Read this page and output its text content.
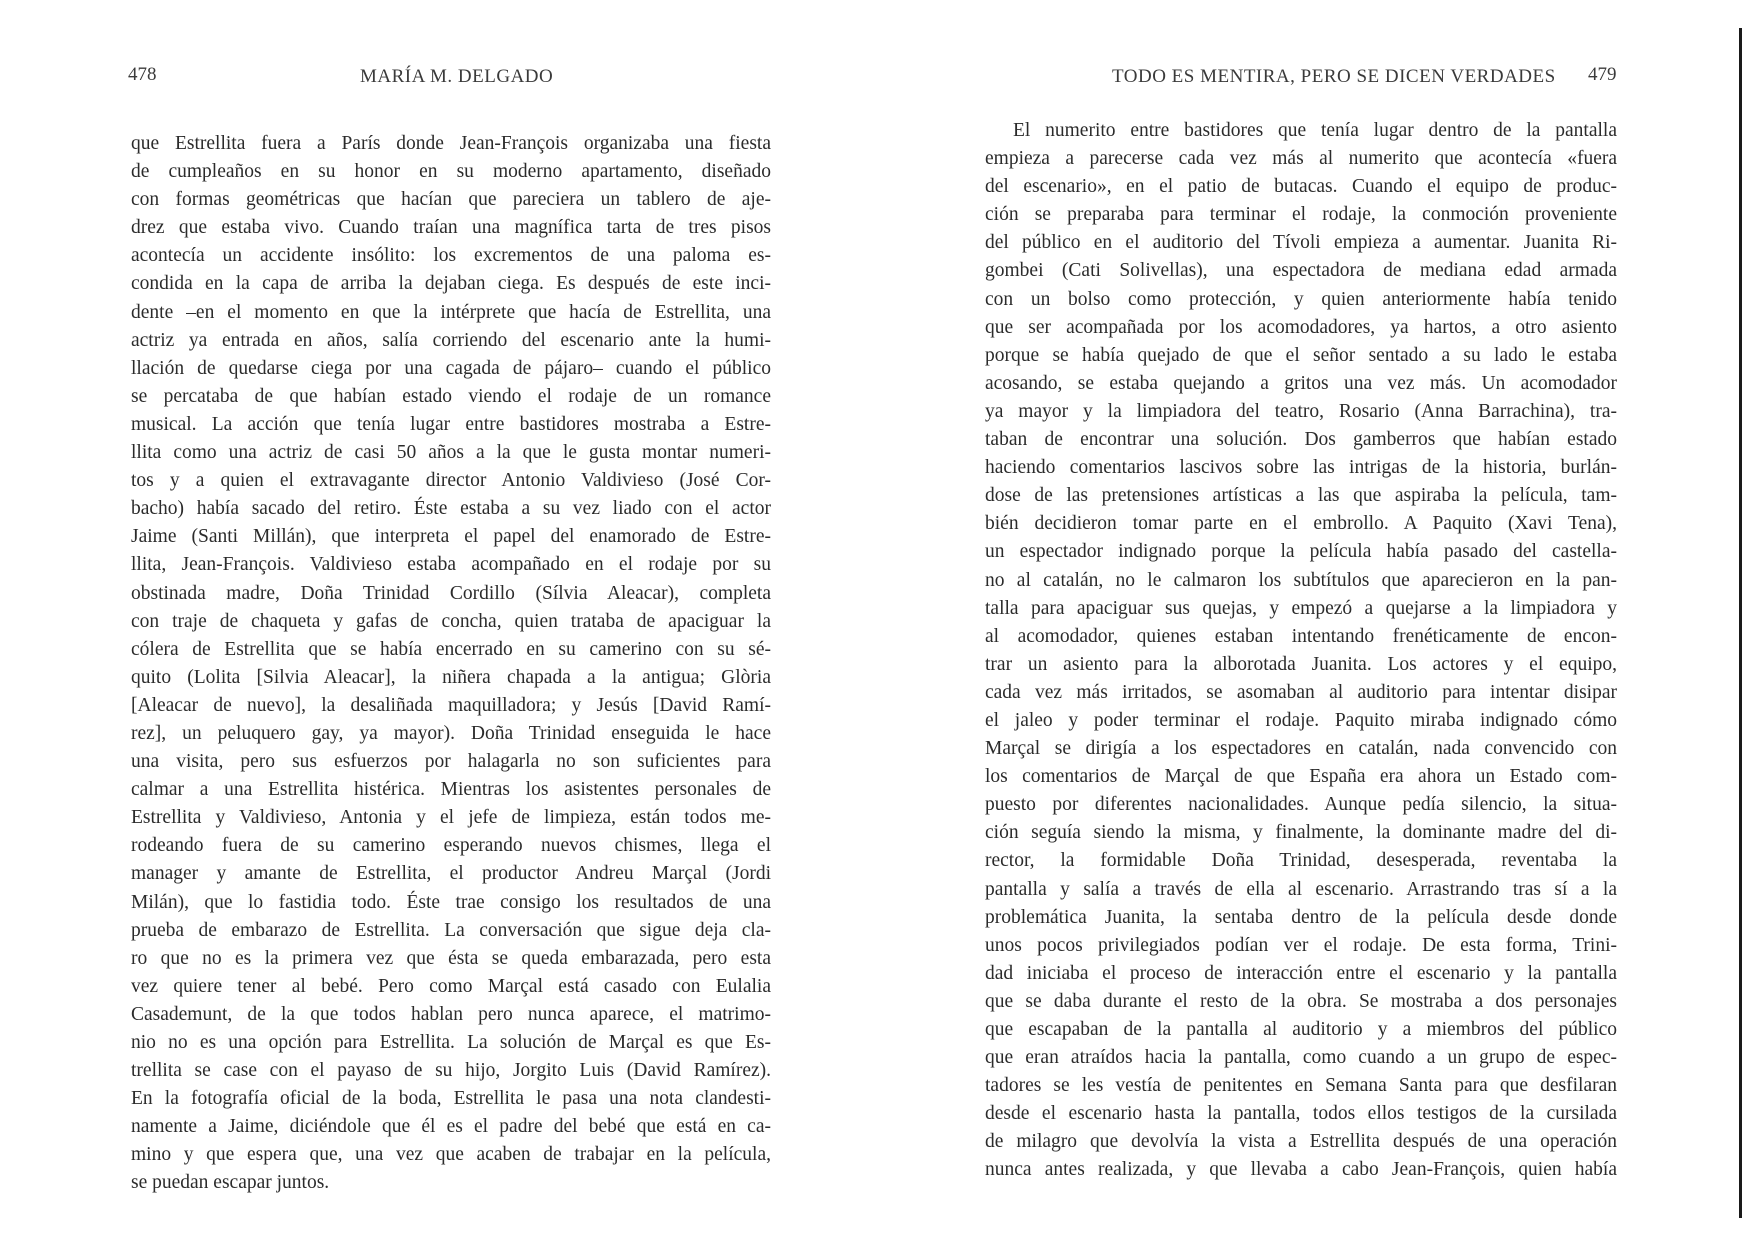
478	MARÍA M. DELGADO
que Estrellita fuera a París donde Jean-François organizaba una fiesta
de cumpleaños en su honor en su moderno apartamento, diseñado
con formas geométricas que hacían que pareciera un tablero de aje-
drez que estaba vivo. Cuando traían una magnífica tarta de tres pisos
acontecía un accidente insólito: los excrementos de una paloma es-
condida en la capa de arriba la dejaban ciega. Es después de este inci-
dente –en el momento en que la intérprete que hacía de Estrellita, una
actriz ya entrada en años, salía corriendo del escenario ante la humi-
llación de quedarse ciega por una cagada de pájaro– cuando el público
se percataba de que habían estado viendo el rodaje de un romance
musical. La acción que tenía lugar entre bastidores mostraba a Estre-
llita como una actriz de casi 50 años a la que le gusta montar numeri-
tos y a quien el extravagante director Antonio Valdivieso (José Cor-
bacho) había sacado del retiro. Éste estaba a su vez liado con el actor
Jaime (Santi Millán), que interpreta el papel del enamorado de Estre-
llita, Jean-François. Valdivieso estaba acompañado en el rodaje por su
obstinada madre, Doña Trinidad Cordillo (Sílvia Aleacar), completa
con traje de chaqueta y gafas de concha, quien trataba de apaciguar la
cólera de Estrellita que se había encerrado en su camerino con su sé-
quito (Lolita [Silvia Aleacar], la niñera chapada a la antigua; Glòria
[Aleacar de nuevo], la desaliñada maquilladora; y Jesús [David Ramí-
rez], un peluquero gay, ya mayor). Doña Trinidad enseguida le hace
una visita, pero sus esfuerzos por halagarla no son suficientes para
calmar a una Estrellita histérica. Mientras los asistentes personales de
Estrellita y Valdivieso, Antonia y el jefe de limpieza, están todos me-
rodeando fuera de su camerino esperando nuevos chismes, llega el
manager y amante de Estrellita, el productor Andreu Marçal (Jordi
Milán), que lo fastidia todo. Éste trae consigo los resultados de una
prueba de embarazo de Estrellita. La conversación que sigue deja cla-
ro que no es la primera vez que ésta se queda embarazada, pero esta
vez quiere tener al bebé. Pero como Marçal está casado con Eulalia
Casademunt, de la que todos hablan pero nunca aparece, el matrimo-
nio no es una opción para Estrellita. La solución de Marçal es que Es-
trellita se case con el payaso de su hijo, Jorgito Luis (David Ramírez).
En la fotografía oficial de la boda, Estrellita le pasa una nota clandesti-
namente a Jaime, diciéndole que él es el padre del bebé que está en ca-
mino y que espera que, una vez que acaben de trabajar en la película,
se puedan escapar juntos.
TODO ES MENTIRA, PERO SE DICEN VERDADES 479
El numerito entre bastidores que tenía lugar dentro de la pantalla
empieza a parecerse cada vez más al numerito que acontecía «fuera
del escenario», en el patio de butacas. Cuando el equipo de produc-
ción se preparaba para terminar el rodaje, la conmoción proveniente
del público en el auditorio del Tívoli empieza a aumentar. Juanita Ri-
gombei (Cati Solivellas), una espectadora de mediana edad armada
con un bolso como protección, y quien anteriormente había tenido
que ser acompañada por los acomodadores, ya hartos, a otro asiento
porque se había quejado de que el señor sentado a su lado le estaba
acosando, se estaba quejando a gritos una vez más. Un acomodador
ya mayor y la limpiadora del teatro, Rosario (Anna Barrachina), tra-
taban de encontrar una solución. Dos gamberros que habían estado
haciendo comentarios lascivos sobre las intrigas de la historia, burlán-
dose de las pretensiones artísticas a las que aspiraba la película, tam-
bién decidieron tomar parte en el embrollo. A Paquito (Xavi Tena),
un espectador indignado porque la película había pasado del castella-
no al catalán, no le calmaron los subtítulos que aparecieron en la pan-
talla para apaciguar sus quejas, y empezó a quejarse a la limpiadora y
al acomodador, quienes estaban intentando frenéticamente de encon-
trar un asiento para la alborotada Juanita. Los actores y el equipo,
cada vez más irritados, se asomaban al auditorio para intentar disipar
el jaleo y poder terminar el rodaje. Paquito miraba indignado cómo
Marçal se dirigía a los espectadores en catalán, nada convencido con
los comentarios de Marçal de que España era ahora un Estado com-
puesto por diferentes nacionalidades. Aunque pedía silencio, la situa-
ción seguía siendo la misma, y finalmente, la dominante madre del di-
rector, la formidable Doña Trinidad, desesperada, reventaba la
pantalla y salía a través de ella al escenario. Arrastrando tras sí a la
problemática Juanita, la sentaba dentro de la película desde donde
unos pocos privilegiados podían ver el rodaje. De esta forma, Trini-
dad iniciaba el proceso de interacción entre el escenario y la pantalla
que se daba durante el resto de la obra. Se mostraba a dos personajes
que escapaban de la pantalla al auditorio y a miembros del público
que eran atraídos hacia la pantalla, como cuando a un grupo de espec-
tadores se les vestía de penitentes en Semana Santa para que desfilaran
desde el escenario hasta la pantalla, todos ellos testigos de la cursilada
de milagro que devolvía la vista a Estrellita después de una operación
nunca antes realizada, y que llevaba a cabo Jean-François, quien había
